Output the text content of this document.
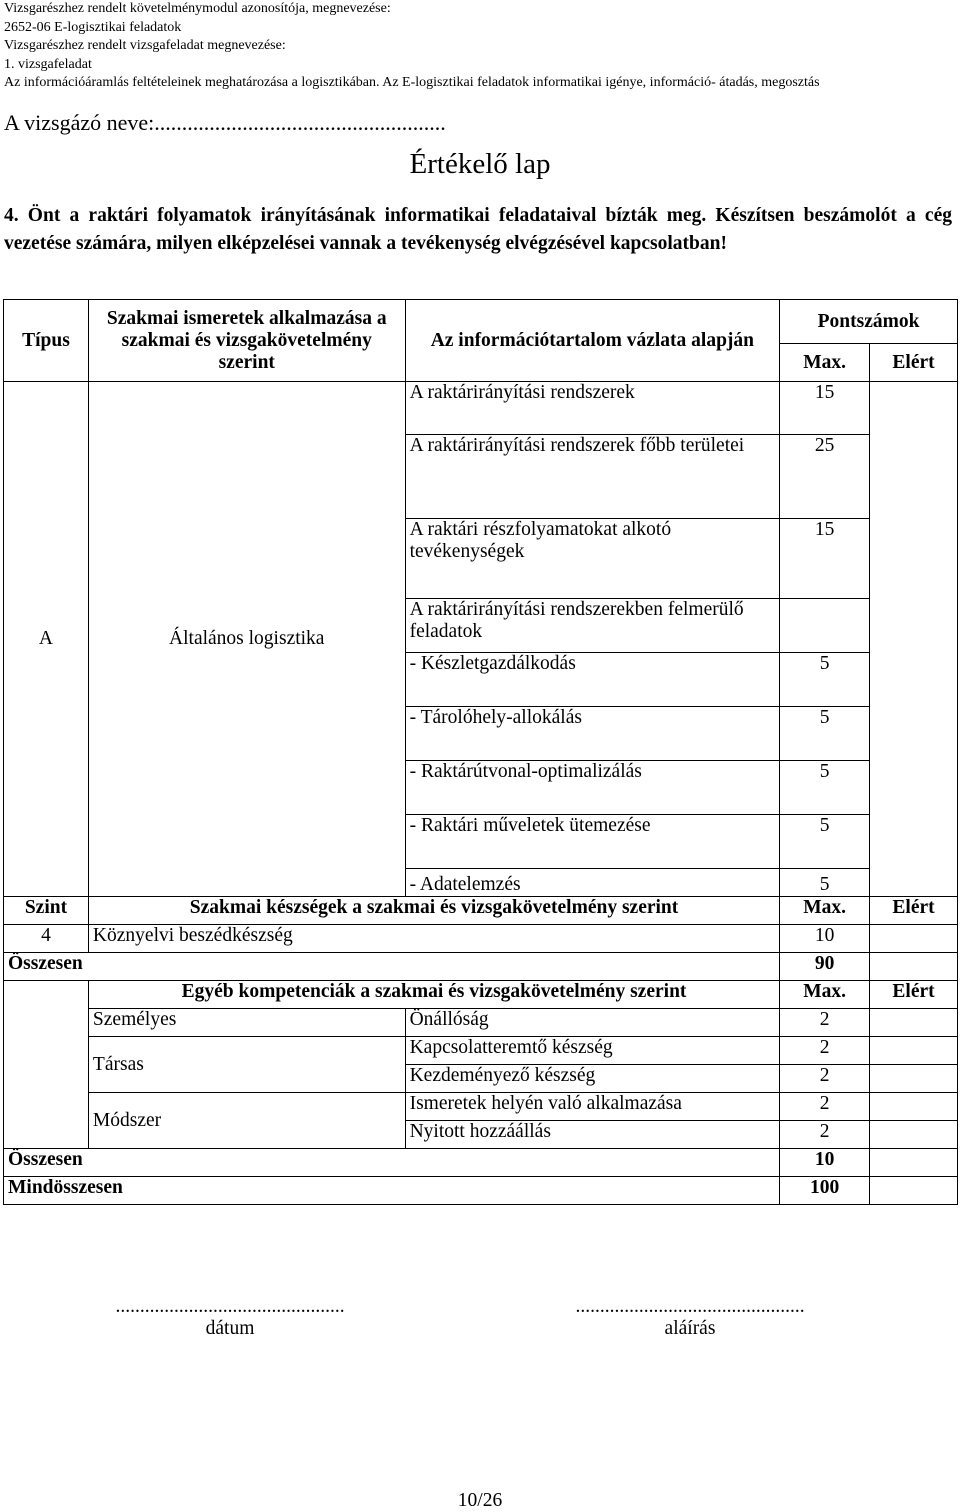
Vizsgarészhez rendelt követelménymodul azonosítója, megnevezése:
2652-06 E-logisztikai feladatok
Vizsgarészhez rendelt vizsgafeladat megnevezése:
1. vizsgafeladat
Az információáramlás feltételeinek meghatározása a logisztikában. Az E-logisztikai feladatok informatikai igénye, információ- átadás, megosztás
A vizsgázó neve:.....................................................
Értékelő lap
4. Önt a raktári folyamatok irányításának informatikai feladataival bízták meg. Készítsen beszámolót a cég vezetése számára, milyen elképzelései vannak a tevékenység elvégzésével kapcsolatban!
Típus	Szakmai ismeretek alkalmazása a szakmai és vizsgakövetelmény szerint	Az információtartalom vázlata alapján	Pontszámok	
			Max.	Elért
A	Általános logisztika	A raktárirányítási rendszerek	15	
		A raktárirányítási rendszerek főbb területei	25	
		A raktári részfolyamatokat alkotó tevékenységek	15	
		A raktárirányítási rendszerekben felmerülő feladatok		
		- Készletgazdálkodás	5	
		- Tárolóhely-allokálás	5	
		- Raktárútvonal-optimalizálás	5	
		- Raktári műveletek ütemezése	5	
		- Adatelemzés	5	
Szint	Szakmai készségek a szakmai és vizsgakövetelmény szerint		Max.	Elért
4	Köznyelvi beszédkészség		10	
Összesen			90	
	Egyéb kompetenciák a szakmai és vizsgakövetelmény szerint		Max.	Elért
	Személyes	Önállóság	2	
	Társas	Kapcsolatteremtő készség	2	
		Kezdeményező készség	2	
	Módszer	Ismeretek helyén való alkalmazása	2	
		Nyitott hozzáállás	2	
Összesen			10	
Mindösszesen			100	
...............................................
dátum
...............................................
aláírás
10/26
